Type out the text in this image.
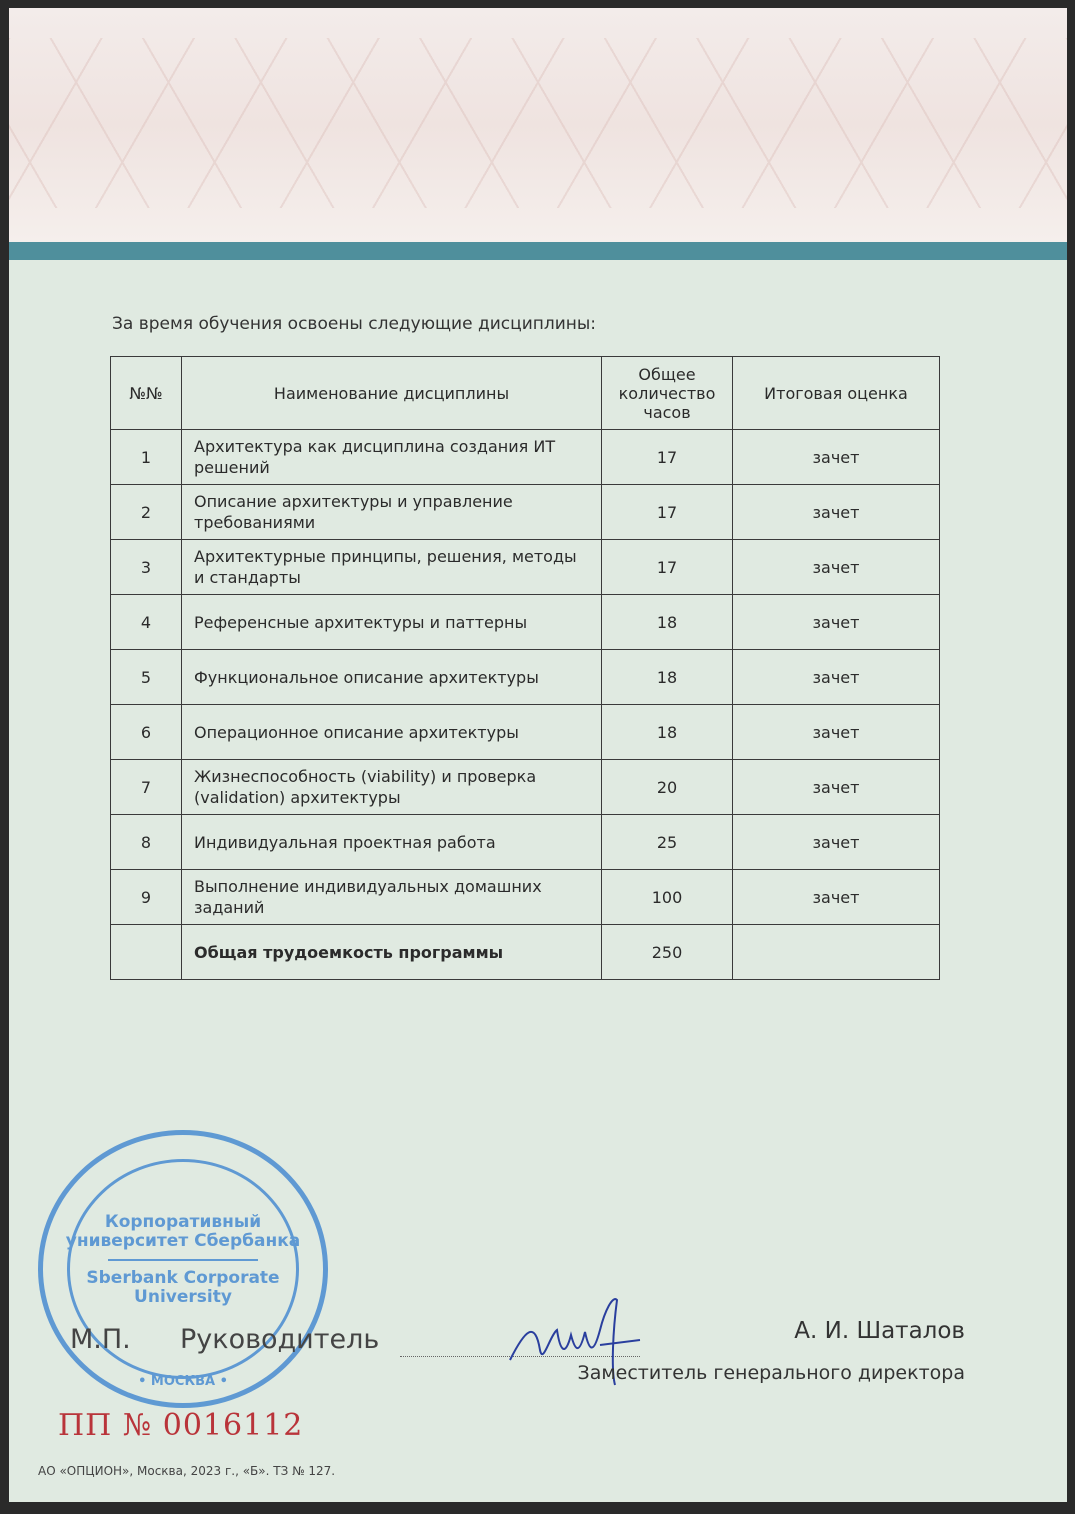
За время обучения освоены следующие дисциплины:
№№	Наименование дисциплины	Общее количество часов	Итоговая оценка
1	Архитектура как дисциплина создания ИТ решений	17	зачет
2	Описание архитектуры и управление требованиями	17	зачет
3	Архитектурные принципы, решения, методы и стандарты	17	зачет
4	Референсные архитектуры и паттерны	18	зачет
5	Функциональное описание архитектуры	18	зачет
6	Операционное описание архитектуры	18	зачет
7	Жизнеспособность (viability) и проверка (validation) архитектуры	20	зачет
8	Индивидуальная проектная работа	25	зачет
9	Выполнение индивидуальных домашних заданий	100	зачет
	Общая трудоемкость программы	250	
Корпоративный университет Сбербанка
Sberbank Corporate University
• МОСКВА •
М.П. Руководитель	А. И. Шаталов
Заместитель генерального директора
ПП № 0016112
АО «ОПЦИОН», Москва, 2023 г., «Б». ТЗ № 127.
